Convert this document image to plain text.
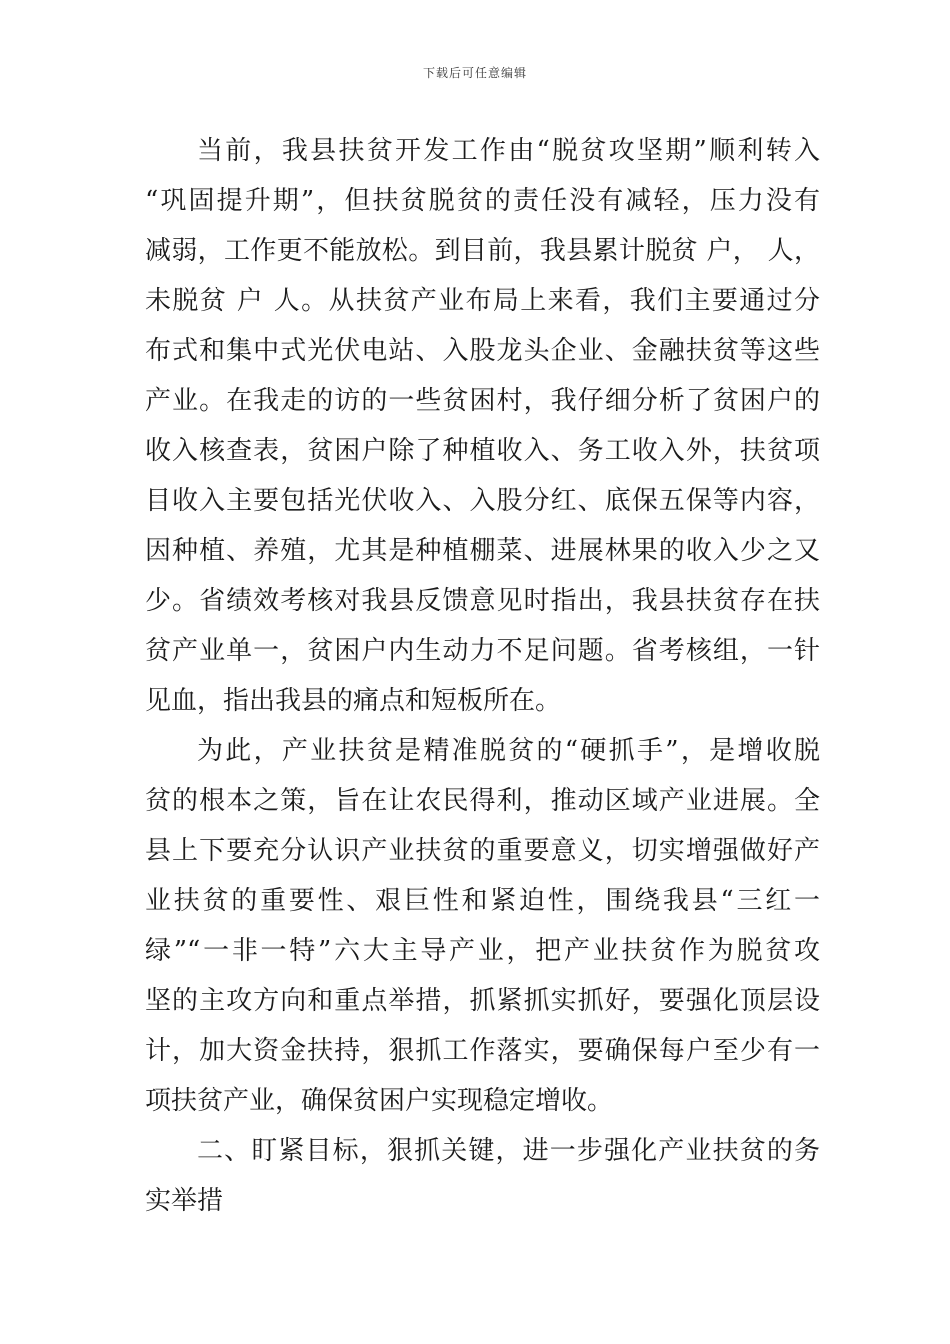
下载后可任意编辑
当前，我县扶贫开发工作由“脱贫攻坚期”顺利转入
“巩固提升期”，但扶贫脱贫的责任没有减轻，压力没有
减弱，工作更不能放松。到目前，我县累计脱贫 户， 人，
未脱贫 户 人。从扶贫产业布局上来看，我们主要通过分
布式和集中式光伏电站、入股龙头企业、金融扶贫等这些
产业。在我走的访的一些贫困村，我仔细分析了贫困户的
收入核查表，贫困户除了种植收入、务工收入外，扶贫项
目收入主要包括光伏收入、入股分红、底保五保等内容，
因种植、养殖，尤其是种植棚菜、进展林果的收入少之又
少。省绩效考核对我县反馈意见时指出，我县扶贫存在扶
贫产业单一，贫困户内生动力不足问题。省考核组，一针
见血，指出我县的痛点和短板所在。
为此，产业扶贫是精准脱贫的“硬抓手”，是增收脱
贫的根本之策，旨在让农民得利，推动区域产业进展。全
县上下要充分认识产业扶贫的重要意义，切实增强做好产
业扶贫的重要性、艰巨性和紧迫性，围绕我县“三红一
绿”“一非一特”六大主导产业，把产业扶贫作为脱贫攻
坚的主攻方向和重点举措，抓紧抓实抓好，要强化顶层设
计，加大资金扶持，狠抓工作落实，要确保每户至少有一
项扶贫产业，确保贫困户实现稳定增收。
二、盯紧目标，狠抓关键，进一步强化产业扶贫的务
实举措
